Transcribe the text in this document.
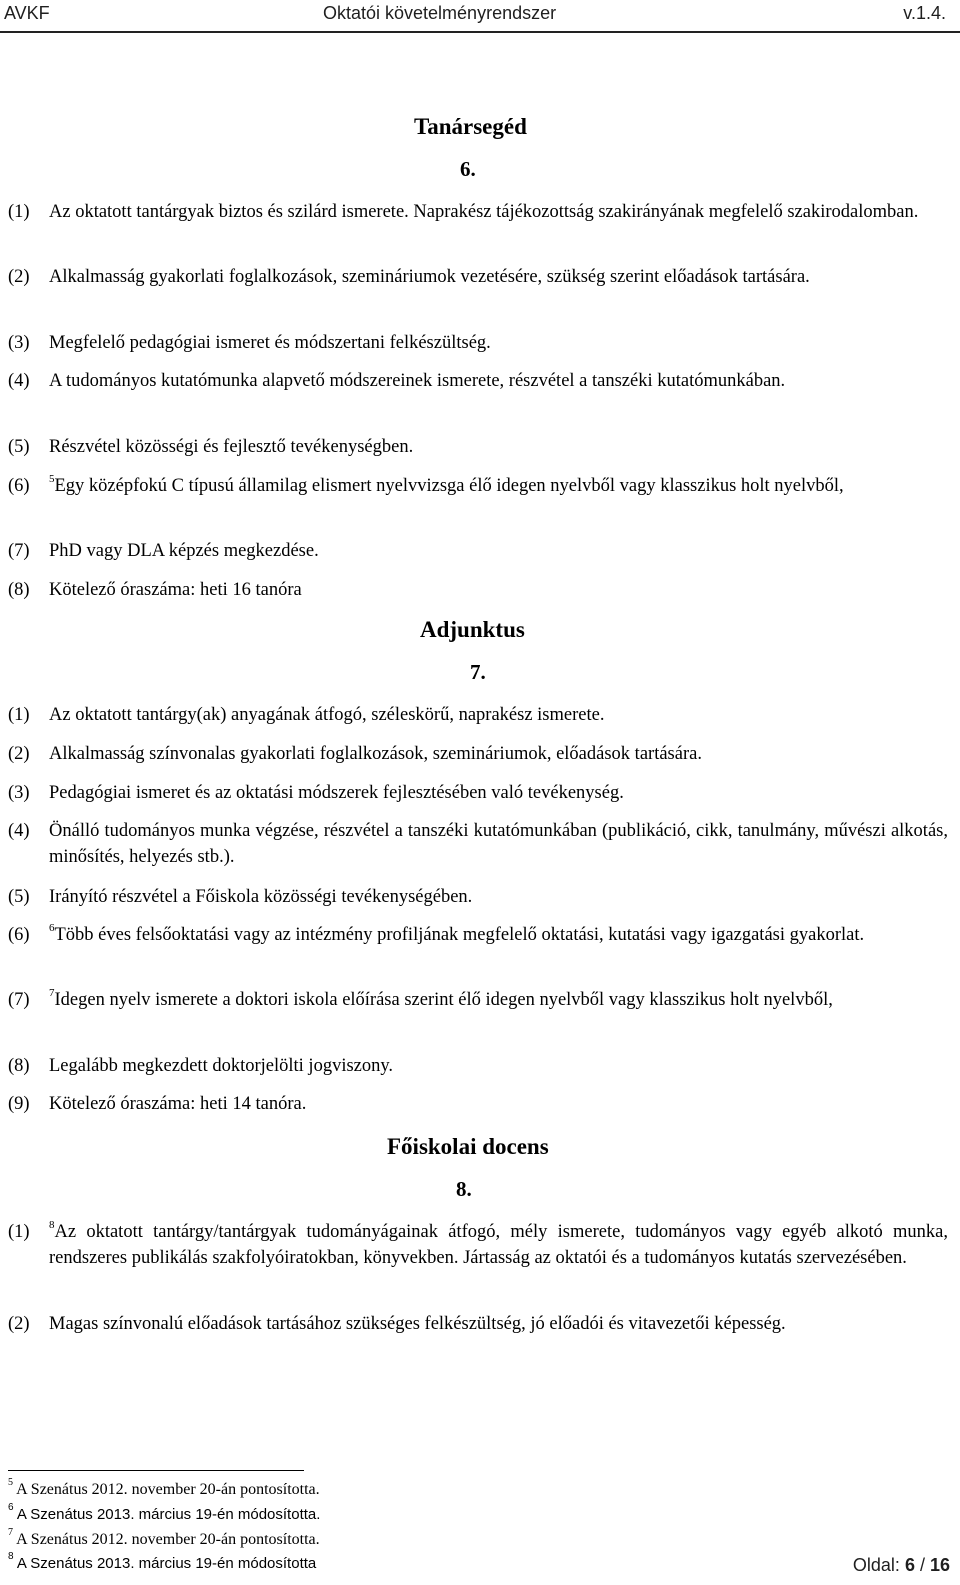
AVKF	Oktatói követelményrendszer	v.1.4.
Tanársegéd
6.
(1) Az oktatott tantárgyak biztos és szilárd ismerete. Naprakész tájékozottság szakirányának megfelelő szakirodalomban.
(2) Alkalmasság gyakorlati foglalkozások, szemináriumok vezetésére, szükség szerint előadások tartására.
(3) Megfelelő pedagógiai ismeret és módszertani felkészültség.
(4) A tudományos kutatómunka alapvető módszereinek ismerete, részvétel a tanszéki kutatómunkában.
(5) Részvétel közösségi és fejlesztő tevékenységben.
(6) $^5$Egy középfokú C típusú államilag elismert nyelvvizsga élő idegen nyelvből vagy klasszikus holt nyelvből,
(7) PhD vagy DLA képzés megkezdése.
(8) Kötelező óraszáma: heti 16 tanóra
Adjunktus
7.
(1) Az oktatott tantárgy(ak) anyagának átfogó, széleskörű, naprakész ismerete.
(2) Alkalmasság színvonalas gyakorlati foglalkozások, szemináriumok, előadások tartására.
(3) Pedagógiai ismeret és az oktatási módszerek fejlesztésében való tevékenység.
(4) Önálló tudományos munka végzése, részvétel a tanszéki kutatómunkában (publikáció, cikk, tanulmány, művészi alkotás, minősítés, helyezés stb.).
(5) Irányító részvétel a Főiskola közösségi tevékenységében.
(6) $^6$Több éves felsőoktatási vagy az intézmény profiljának megfelelő oktatási, kutatási vagy igazgatási gyakorlat.
(7) $^7$Idegen nyelv ismerete a doktori iskola előírása szerint élő idegen nyelvből vagy klasszikus holt nyelvből,
(8) Legalább megkezdett doktorjelölti jogviszony.
(9) Kötelező óraszáma: heti 14 tanóra.
Főiskolai docens
8.
(1) $^8$Az oktatott tantárgy/tantárgyak tudományágainak átfogó, mély ismerete, tudományos vagy egyéb alkotó munka, rendszeres publikálás szakfolyóiratokban, könyvekben. Jártasság az oktatói és a tudományos kutatás szervezésében.
(2) Magas színvonalú előadások tartásához szükséges felkészültség, jó előadói és vitavezetői képesség.
$^5$ A Szenátus 2012. november 20-án pontosította.
$^6$ A Szenátus 2013. március 19-én módosította.
$^7$ A Szenátus 2012. november 20-án pontosította.
$^8$ A Szenátus 2013. március 19-én módosította	Oldal: 6 / 16
